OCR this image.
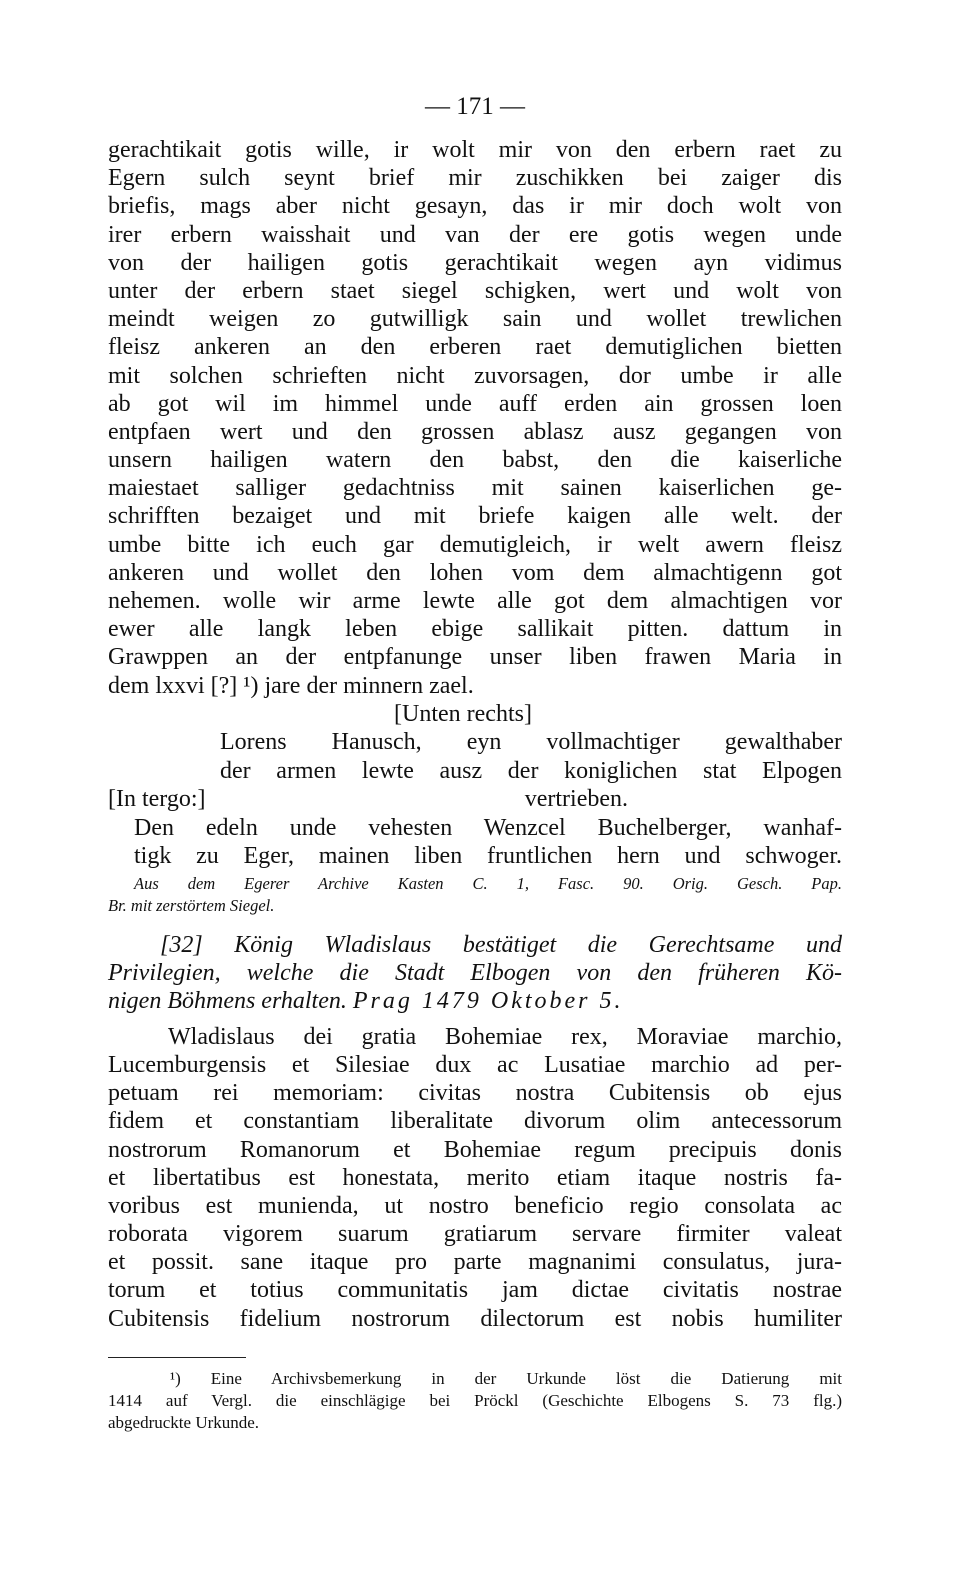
— 171 —
gerachtikait gotis wille, ir wolt mir von den erbern raet zu
Egern sulch seynt brief mir zuschikken bei zaiger dis
briefis, mags aber nicht gesayn, das ir mir doch wolt von
irer erbern waisshait und van der ere gotis wegen unde
von der hailigen gotis gerachtikait wegen ayn vidimus
unter der erbern staet siegel schigken, wert und wolt von
meindt weigen zo gutwilligk sain und wollet trewlichen
fleisz ankeren an den erberen raet demutiglichen bietten
mit solchen schrieften nicht zuvorsagen, dor umbe ir alle
ab got wil im himmel unde auff erden ain grossen loen
entpfaen wert und den grossen ablasz ausz gegangen von
unsern hailigen watern den babst, den die kaiserliche
maiestaet salliger gedachtniss mit sainen kaiserlichen ge-
schrifften bezaiget und mit briefe kaigen alle welt. der
umbe bitte ich euch gar demutigleich, ir welt awern fleisz
ankeren und wollet den lohen vom dem almachtigenn got
nehemen. wolle wir arme lewte alle got dem almachtigen vor
ewer alle langk leben ebige sallikait pitten. dattum in
Grawppen an der entpfanunge unser liben frawen Maria in
dem lxxvi [?] ¹) jare der minnern zael.
[Unten rechts]
Lorens Hanusch, eyn vollmachtiger gewalthaber
der armen lewte ausz der koniglichen stat Elpogen
[In tergo:]	vertrieben.
Den edeln unde vehesten Wenzcel Buchelberger, wanhaf-
tigk zu Eger, mainen liben fruntlichen hern und schwoger.
Aus dem Egerer Archive Kasten C. 1, Fasc. 90. Orig. Gesch. Pap.
Br. mit zerstörtem Siegel.
[32] König Wladislaus bestätiget die Gerechtsame und
Privilegien, welche die Stadt Elbogen von den früheren Kö-
nigen Böhmens erhalten. Prag 1479 Oktober 5.
Wladislaus dei gratia Bohemiae rex, Moraviae marchio,
Lucemburgensis et Silesiae dux ac Lusatiae marchio ad per-
petuam rei memoriam: civitas nostra Cubitensis ob ejus
fidem et constantiam liberalitate divorum olim antecessorum
nostrorum Romanorum et Bohemiae regum precipuis donis
et libertatibus est honestata, merito etiam itaque nostris fa-
voribus est munienda, ut nostro beneficio regio consolata ac
roborata vigorem suarum gratiarum servare firmiter valeat
et possit. sane itaque pro parte magnanimi consulatus, jura-
torum et totius communitatis jam dictae civitatis nostrae
Cubitensis fidelium nostrorum dilectorum est nobis humiliter
¹) Eine Archivsbemerkung in der Urkunde löst die Datierung mit
1414 auf Vergl. die einschlägige bei Pröckl (Geschichte Elbogens S. 73 flg.)
abgedruckte Urkunde.
